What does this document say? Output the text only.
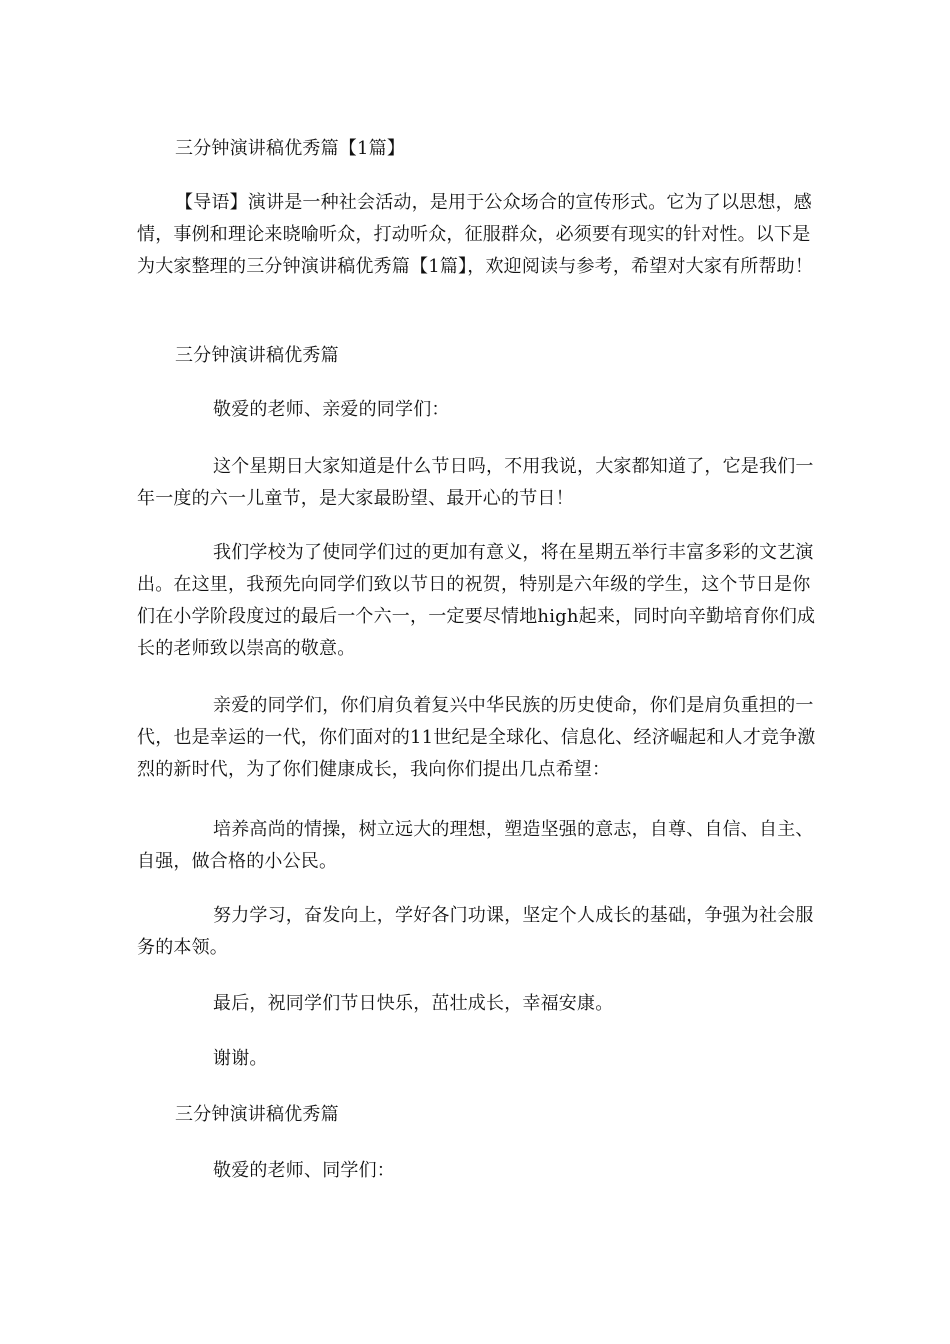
三分钟演讲稿优秀篇【1篇】

【导语】演讲是一种社会活动，是用于公众场合的宣传形式。它为了以思想，感情，事例和理论来晓喻听众，打动听众，征服群众，必须要有现实的针对性。以下是为大家整理的三分钟演讲稿优秀篇【1篇】，欢迎阅读与参考，希望对大家有所帮助！

三分钟演讲稿优秀篇

敬爱的老师、亲爱的同学们：

这个星期日大家知道是什么节日吗，不用我说，大家都知道了，它是我们一年一度的六一儿童节，是大家最盼望、最开心的节日！

我们学校为了使同学们过的更加有意义，将在星期五举行丰富多彩的文艺演出。在这里，我预先向同学们致以节日的祝贺，特别是六年级的学生，这个节日是你们在小学阶段度过的最后一个六一，一定要尽情地high起来，同时向辛勤培育你们成长的老师致以崇高的敬意。

亲爱的同学们，你们肩负着复兴中华民族的历史使命，你们是肩负重担的一代，也是幸运的一代，你们面对的11世纪是全球化、信息化、经济崛起和人才竞争激烈的新时代，为了你们健康成长，我向你们提出几点希望：

培养高尚的情操，树立远大的理想，塑造坚强的意志，自尊、自信、自主、自强，做合格的小公民。

努力学习，奋发向上，学好各门功课，坚定个人成长的基础，争强为社会服务的本领。

最后，祝同学们节日快乐，茁壮成长，幸福安康。

谢谢。

三分钟演讲稿优秀篇

敬爱的老师、同学们：
